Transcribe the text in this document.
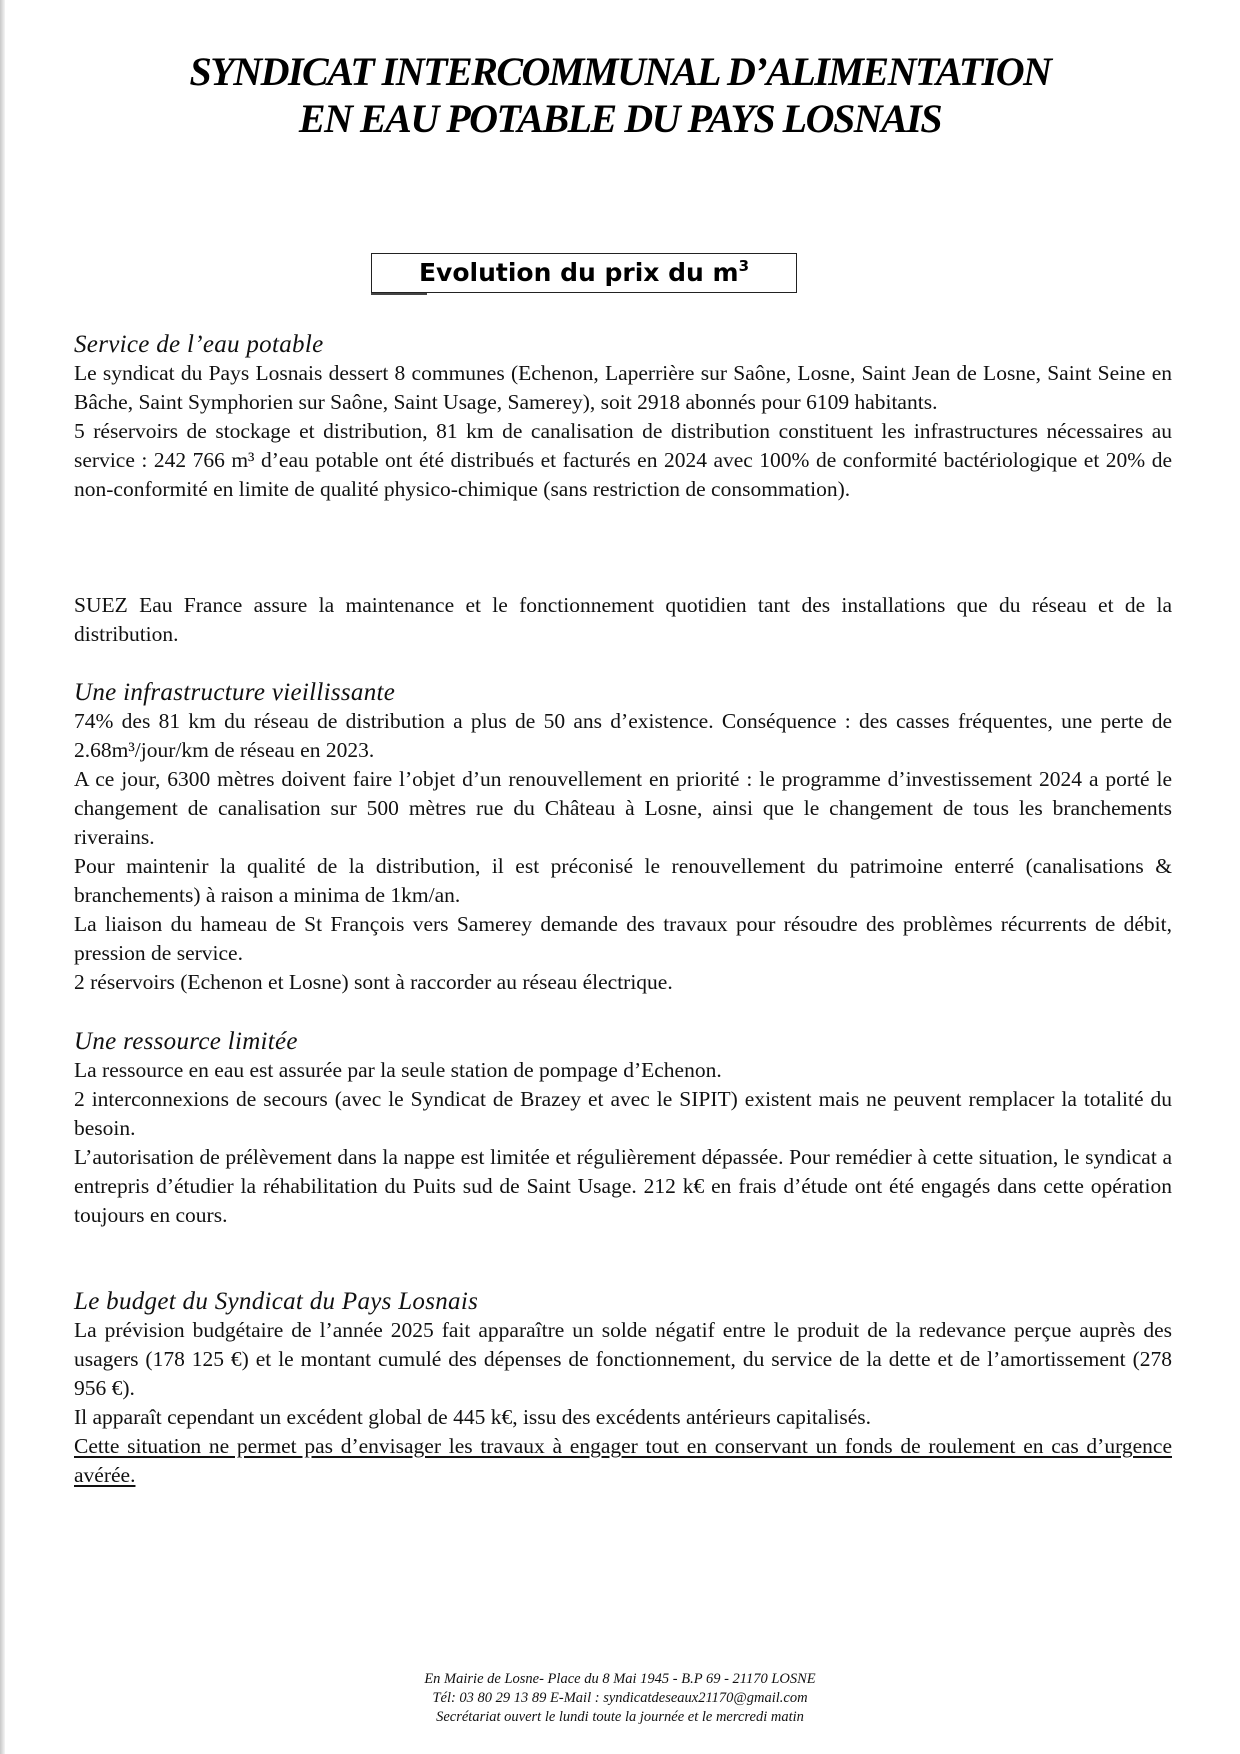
SYNDICAT INTERCOMMUNAL D’ALIMENTATION
EN EAU POTABLE DU PAYS LOSNAIS
Evolution du prix du $m^3$
Service de l’eau potable

Le syndicat du Pays Losnais dessert 8 communes (Echenon, Laperrière sur Saône, Losne, Saint Jean de Losne, Saint Seine en Bâche, Saint Symphorien sur Saône, Saint Usage, Samerey), soit 2918 abonnés pour 6109 habitants.

5 réservoirs de stockage et distribution, 81 km de canalisation de distribution constituent les infrastructures nécessaires au service : 242 766 m³ d’eau potable ont été distribués et facturés en 2024 avec 100% de conformité bactériologique et 20% de non-conformité en limite de qualité physico-chimique (sans restriction de consommation).

SUEZ Eau France assure la maintenance et le fonctionnement quotidien tant des installations que du réseau et de la distribution.

Une infrastructure vieillissante

74% des 81 km du réseau de distribution a plus de 50 ans d’existence. Conséquence : des casses fréquentes, une perte de 2.68m³/jour/km de réseau en 2023.

A ce jour, 6300 mètres doivent faire l’objet d’un renouvellement en priorité : le programme d’investissement 2024 a porté le changement de canalisation sur 500 mètres rue du Château à Losne, ainsi que le changement de tous les branchements riverains.

Pour maintenir la qualité de la distribution, il est préconisé le renouvellement du patrimoine enterré (canalisations & branchements) à raison a minima de 1km/an.

La liaison du hameau de St François vers Samerey demande des travaux pour résoudre des problèmes récurrents de débit, pression de service.

2 réservoirs (Echenon et Losne) sont à raccorder au réseau électrique.

Une ressource limitée

La ressource en eau est assurée par la seule station de pompage d’Echenon.

2 interconnexions de secours (avec le Syndicat de Brazey et avec le SIPIT) existent mais ne peuvent remplacer la totalité du besoin.

L’autorisation de prélèvement dans la nappe est limitée et régulièrement dépassée. Pour remédier à cette situation, le syndicat a entrepris d’étudier la réhabilitation du Puits sud de Saint Usage. 212 k€ en frais d’étude ont été engagés dans cette opération toujours en cours.

Le budget du Syndicat du Pays Losnais

La prévision budgétaire de l’année 2025 fait apparaître un solde négatif entre le produit de la redevance perçue auprès des usagers (178 125 €) et le montant cumulé des dépenses de fonctionnement, du service de la dette et de l’amortissement (278 956 €).

Il apparaît cependant un excédent global de 445 k€, issu des excédents antérieurs capitalisés.

Cette situation ne permet pas d’envisager les travaux à engager tout en conservant un fonds de roulement en cas d’urgence avérée.

En Mairie de Losne- Place du 8 Mai 1945 - B.P 69 - 21170 LOSNE
Tél: 03 80 29 13 89 E-Mail : syndicatdeseaux21170@gmail.com
Secrétariat ouvert le lundi toute la journée et le mercredi matin
